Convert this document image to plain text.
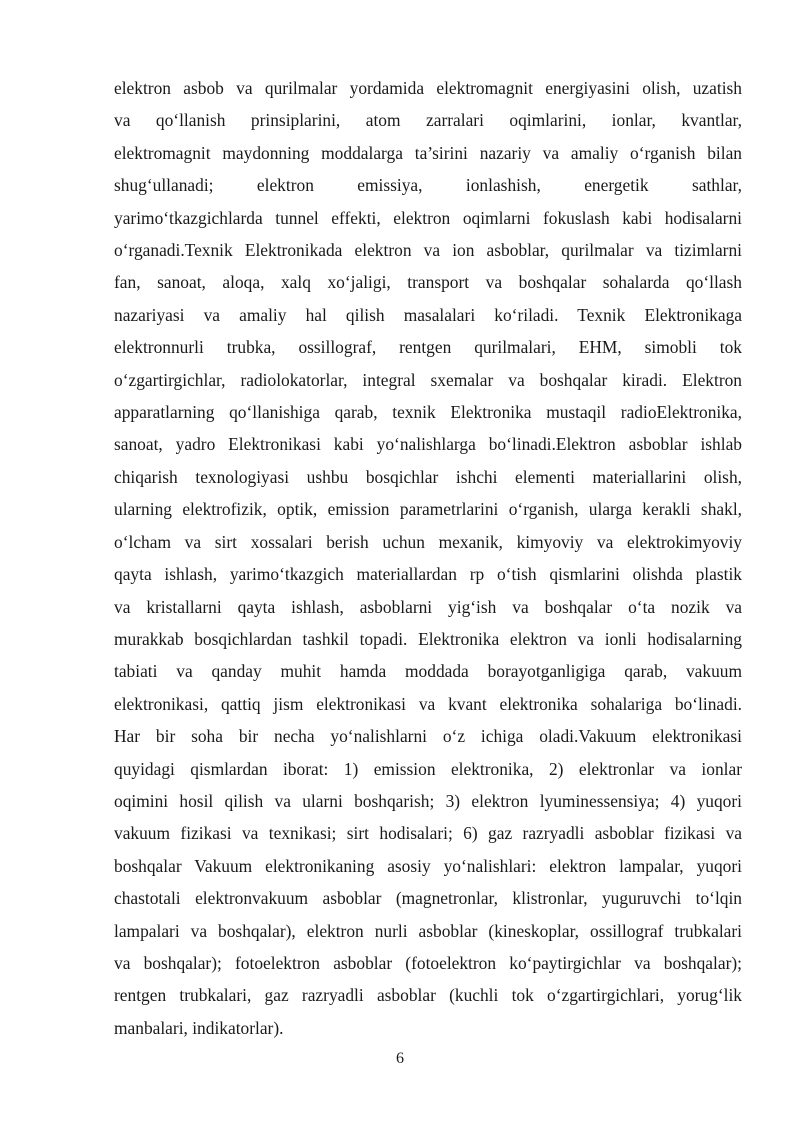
elektron asbob va qurilmalar yordamida elektromagnit energiyasini olish, uzatish
va qo‘llanish prinsiplarini, atom zarralari oqimlarini, ionlar, kvantlar,
elektromagnit maydonning moddalarga ta’sirini nazariy va amaliy o‘rganish bilan
shug‘ullanadi; elektron emissiya, ionlashish, energetik sathlar,
yarimo‘tkazgichlarda tunnel effekti, elektron oqimlarni fokuslash kabi hodisalarni
o‘rganadi.Texnik Elektronikada elektron va ion asboblar, qurilmalar va tizimlarni
fan, sanoat, aloqa, xalq xo‘jaligi, transport va boshqalar sohalarda qo‘llash
nazariyasi va amaliy hal qilish masalalari ko‘riladi. Texnik Elektronikaga
elektronnurli trubka, ossillograf, rentgen qurilmalari, EHM, simobli tok
o‘zgartirgichlar, radiolokatorlar, integral sxemalar va boshqalar kiradi. Elektron
apparatlarning qo‘llanishiga qarab, texnik Elektronika mustaqil radioElektronika,
sanoat, yadro Elektronikasi kabi yo‘nalishlarga bo‘linadi.Elektron asboblar ishlab
chiqarish texnologiyasi ushbu bosqichlar ishchi elementi materiallarini olish,
ularning elektrofizik, optik, emission parametrlarini o‘rganish, ularga kerakli shakl,
o‘lcham va sirt xossalari berish uchun mexanik, kimyoviy va elektrokimyoviy
qayta ishlash, yarimo‘tkazgich materiallardan rp o‘tish qismlarini olishda plastik
va kristallarni qayta ishlash, asboblarni yig‘ish va boshqalar o‘ta nozik va
murakkab bosqichlardan tashkil topadi. Elektronika elektron va ionli hodisalarning
tabiati va qanday muhit hamda moddada borayotganligiga qarab, vakuum
elektronikasi, qattiq jism elektronikasi va kvant elektronika sohalariga bo‘linadi.
Har bir soha bir necha yo‘nalishlarni o‘z ichiga oladi.Vakuum elektronikasi
quyidagi qismlardan iborat: 1) emission elektronika, 2) elektronlar va ionlar
oqimini hosil qilish va ularni boshqarish; 3) elektron lyuminessensiya; 4) yuqori
vakuum fizikasi va texnikasi; sirt hodisalari; 6) gaz razryadli asboblar fizikasi va
boshqalar Vakuum elektronikaning asosiy yo‘nalishlari: elektron lampalar, yuqori
chastotali elektronvakuum asboblar (magnetronlar, klistronlar, yuguruvchi to‘lqin
lampalari va boshqalar), elektron nurli asboblar (kineskoplar, ossillograf trubkalari
va boshqalar); fotoelektron asboblar (fotoelektron ko‘paytirgichlar va boshqalar);
rentgen trubkalari, gaz razryadli asboblar (kuchli tok o‘zgartirgichlari, yorug‘lik
manbalari, indikatorlar).
6
